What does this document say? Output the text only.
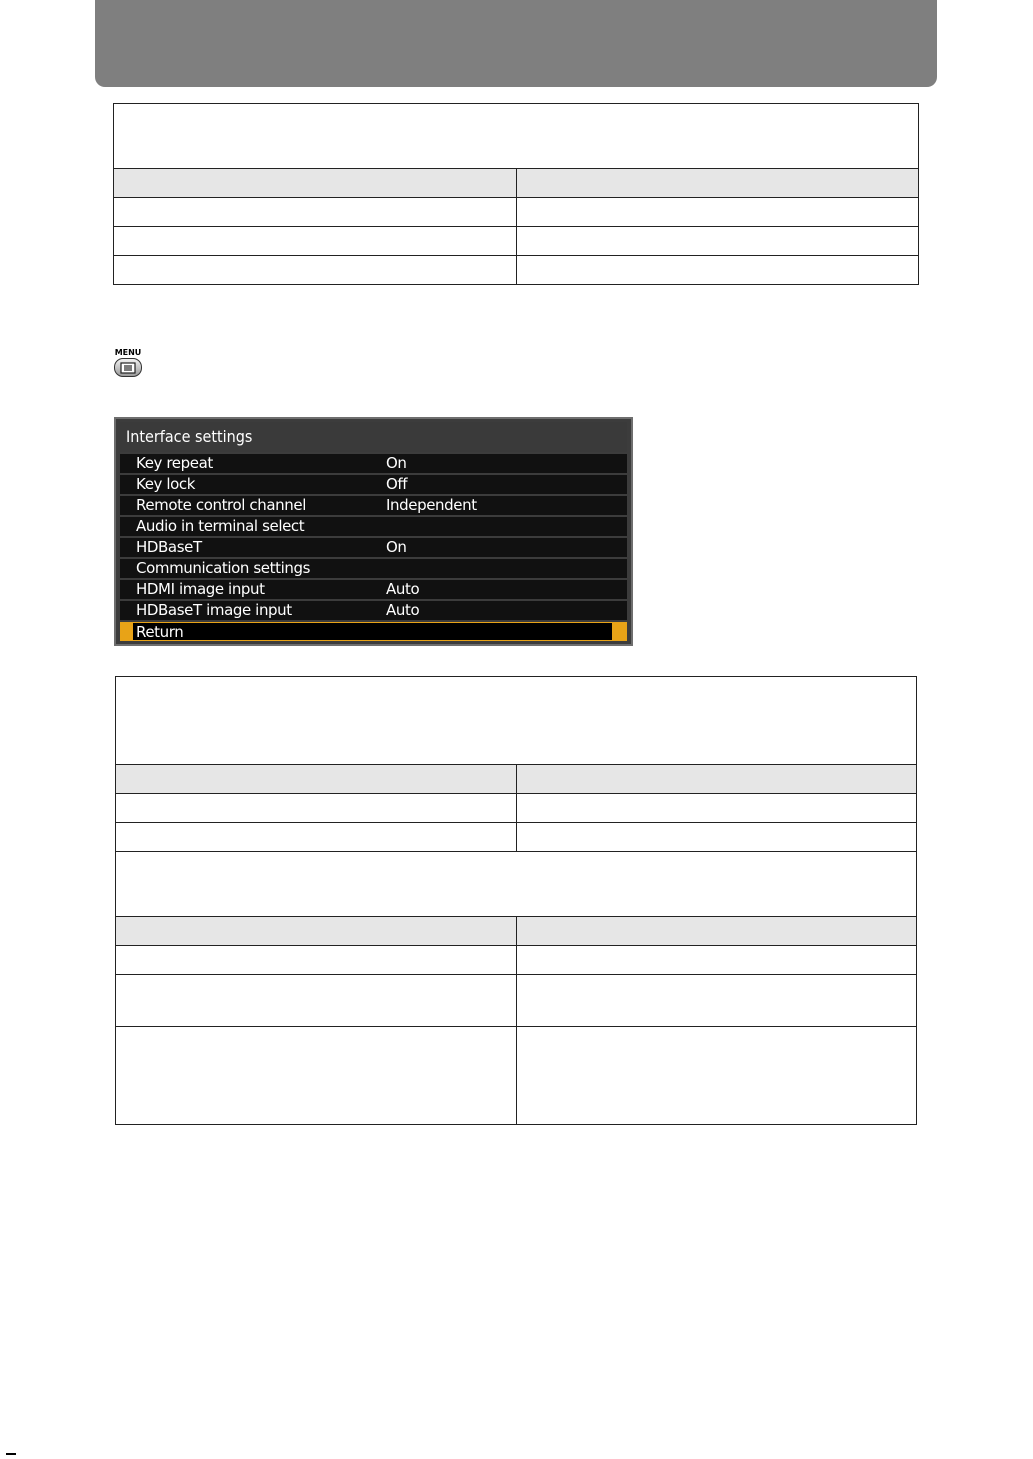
MENU
Interface settings
Key repeat	On
Key lock	Off
Remote control channel	Independent
Audio in terminal select
HDBaseT	On
Communication settings
HDMI image input	Auto
HDBaseT image input	Auto
Return
